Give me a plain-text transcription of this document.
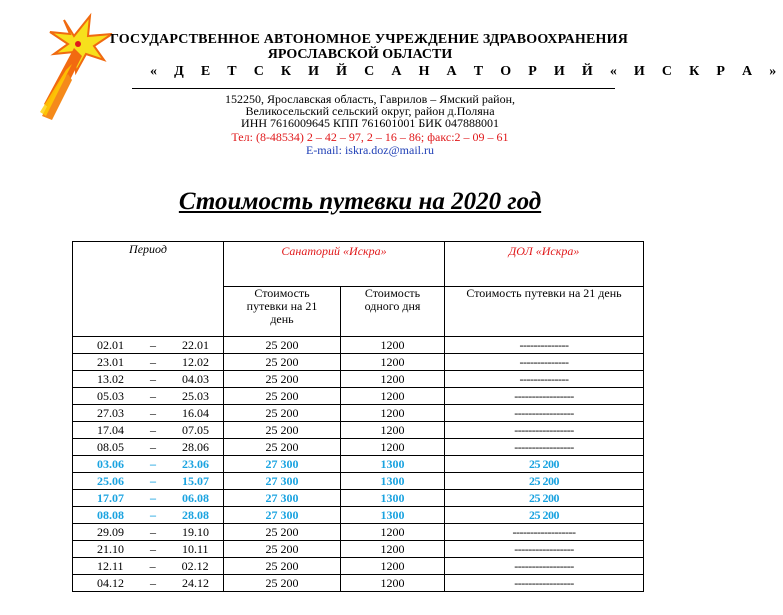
ГОСУДАРСТВЕННОЕ АВТОНОМНОЕ УЧРЕЖДЕНИЕ ЗДРАВООХРАНЕНИЯ
ЯРОСЛАВСКОЙ ОБЛАСТИ
« Д Е Т С К И Й С А Н А Т О Р И Й « И С К Р А »
152250, Ярославская область, Гаврилов – Ямский район,
Великосельский сельский округ, район д.Поляна
ИНН 7616009645 КПП 761601001 БИК 047888001
Тел: (8-48534) 2 – 42 – 97, 2 – 16 – 86; факс:2 – 09 – 61
E-mail: iskra.doz@mail.ru
Стоимость путевки на 2020 год
Период	Санаторий «Искра»		ДОЛ «Искра»
	Стоимость путевки на 21 день	Стоимость одного дня	Стоимость путевки на 21 день
02.01 – 22.01	25 200	1200	--------------
23.01 – 12.02	25 200	1200	--------------
13.02 – 04.03	25 200	1200	--------------
05.03 – 25.03	25 200	1200	-----------------
27.03 – 16.04	25 200	1200	-----------------
17.04 – 07.05	25 200	1200	-----------------
08.05 – 28.06	25 200	1200	-----------------
03.06 – 23.06	27 300	1300	25 200
25.06 – 15.07	27 300	1300	25 200
17.07 – 06.08	27 300	1300	25 200
08.08 – 28.08	27 300	1300	25 200
29.09 – 19.10	25 200	1200	------------------
21.10 – 10.11	25 200	1200	-----------------
12.11 – 02.12	25 200	1200	-----------------
04.12 – 24.12	25 200	1200	-----------------
